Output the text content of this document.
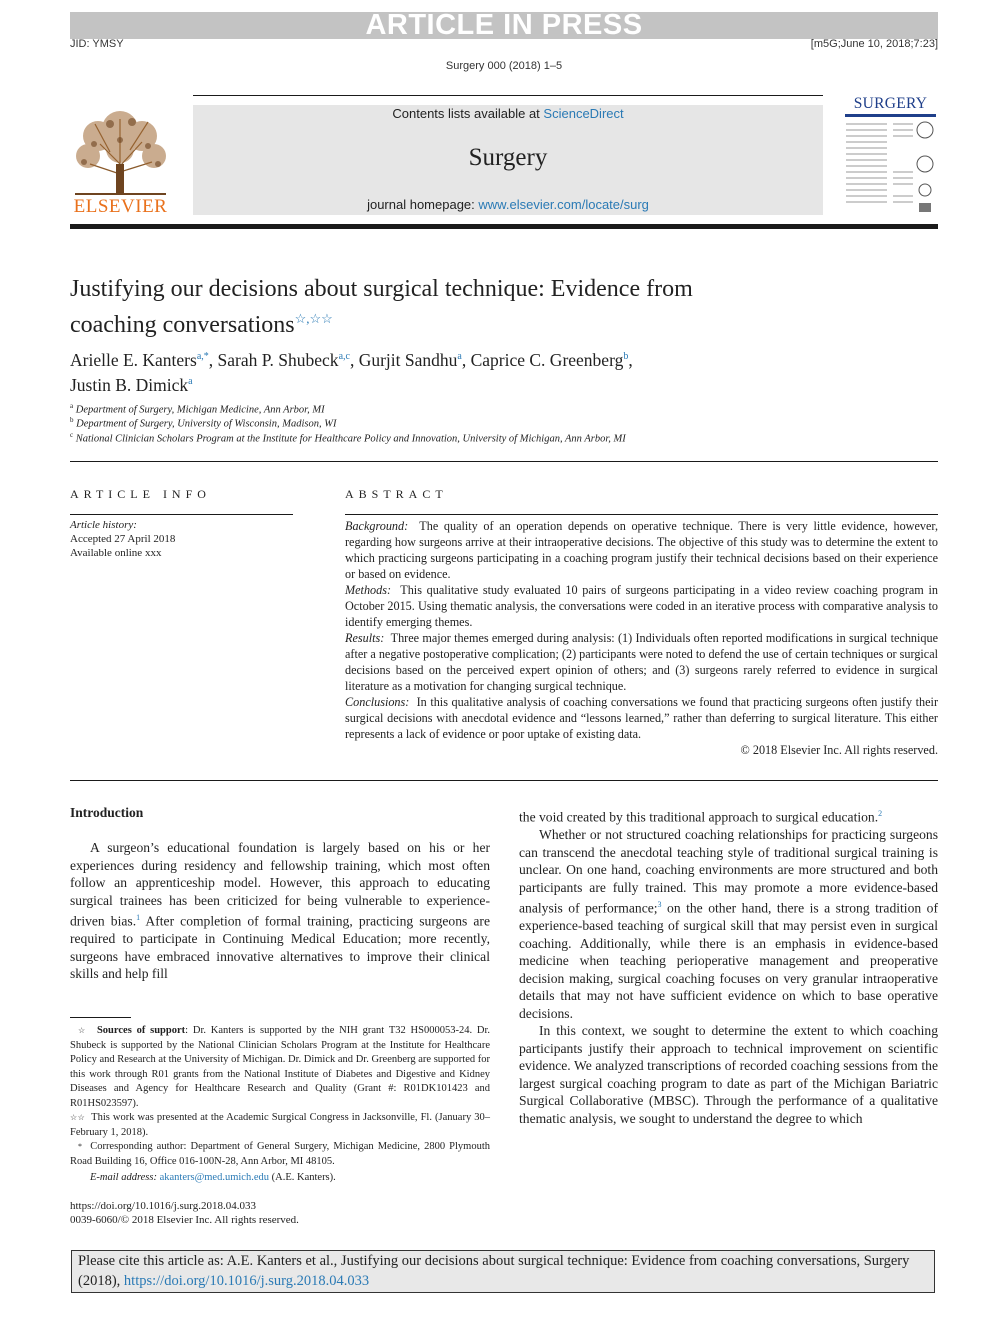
ARTICLE IN PRESS
JID: YMSY	[m5G;June 10, 2018;7:23]
Surgery 000 (2018) 1–5
Contents lists available at ScienceDirect
Surgery
journal homepage: www.elsevier.com/locate/surg
ELSEVIER
SURGERY
Justifying our decisions about surgical technique: Evidence from
coaching conversations☆,☆☆
Arielle E. Kanters$^{a,*}$, Sarah P. Shubeck$^{a,c}$, Gurjit Sandhu$^a$, Caprice C. Greenberg$^b$,
Justin B. Dimick$^a$
$^a$ Department of Surgery, Michigan Medicine, Ann Arbor, MI
$^b$ Department of Surgery, University of Wisconsin, Madison, WI
$^c$ National Clinician Scholars Program at the Institute for Healthcare Policy and Innovation, University of Michigan, Ann Arbor, MI
ARTICLE INFO
Article history:
Accepted 27 April 2018
Available online xxx
ABSTRACT

Background: The quality of an operation depends on operative technique. There is very little evidence, however, regarding how surgeons arrive at their intraoperative decisions. The objective of this study was to determine the extent to which practicing surgeons participating in a coaching program justify their technical decisions based on their experience or based on evidence.

Methods: This qualitative study evaluated 10 pairs of surgeons participating in a video review coaching program in October 2015. Using thematic analysis, the conversations were coded in an iterative process with comparative analysis to identify emerging themes.

Results: Three major themes emerged during analysis: (1) Individuals often reported modifications in surgical technique after a negative postoperative complication; (2) participants were noted to defend the use of certain techniques or surgical decisions based on the perceived expert opinion of others; and (3) surgeons rarely referred to evidence in surgical literature as a motivation for changing surgical technique.

Conclusions: In this qualitative analysis of coaching conversations we found that practicing surgeons often justify their surgical decisions with anecdotal evidence and “lessons learned,” rather than deferring to surgical literature. This either represents a lack of evidence or poor uptake of existing data.

© 2018 Elsevier Inc. All rights reserved.

Introduction

A surgeon’s educational foundation is largely based on his or her experiences during residency and fellowship training, which most often follow an apprenticeship model. However, this approach to educating surgical trainees has been criticized for being vulnerable to experience-driven bias.$^1$ After completion of formal training, practicing surgeons are required to participate in Continuing Medical Education; more recently, surgeons have embraced innovative alternatives to improve their clinical skills and help fill

the void created by this traditional approach to surgical education.$^2$

Whether or not structured coaching relationships for practicing surgeons can transcend the anecdotal teaching style of traditional surgical training is unclear. On one hand, coaching environments are more structured and both participants are fully trained. This may promote a more evidence-based analysis of performance;$^3$ on the other hand, there is a strong tradition of experience-based teaching of surgical skill that may persist even in surgical coaching. Additionally, while there is an emphasis in evidence-based medicine when teaching perioperative management and preoperative decision making, surgical coaching focuses on very granular intraoperative details that may not have sufficient evidence on which to base operative decisions.

In this context, we sought to determine the extent to which coaching participants justify their approach to technical improvement on scientific evidence. We analyzed transcriptions of recorded coaching sessions from the largest surgical coaching program to date as part of the Michigan Bariatric Surgical Collaborative (MBSC). Through the performance of a qualitative thematic analysis, we sought to understand the degree to which

☆ Sources of support: Dr. Kanters is supported by the NIH grant T32 HS000053-24. Dr. Shubeck is supported by the National Clinician Scholars Program at the Institute for Healthcare Policy and Research at the University of Michigan. Dr. Dimick and Dr. Greenberg are supported for this work through R01 grants from the National Institute of Diabetes and Digestive and Kidney Diseases and Agency for Healthcare Research and Quality (Grant #: R01DK101423 and R01HS023597).

☆☆ This work was presented at the Academic Surgical Congress in Jacksonville, Fl. (January 30–February 1, 2018).

* Corresponding author: Department of General Surgery, Michigan Medicine, 2800 Plymouth Road Building 16, Office 016-100N-28, Ann Arbor, MI 48105.

E-mail address: akanters@med.umich.edu (A.E. Kanters).

https://doi.org/10.1016/j.surg.2018.04.033
0039-6060/© 2018 Elsevier Inc. All rights reserved.
Please cite this article as: A.E. Kanters et al., Justifying our decisions about surgical technique: Evidence from coaching conversations, Surgery (2018), https://doi.org/10.1016/j.surg.2018.04.033
